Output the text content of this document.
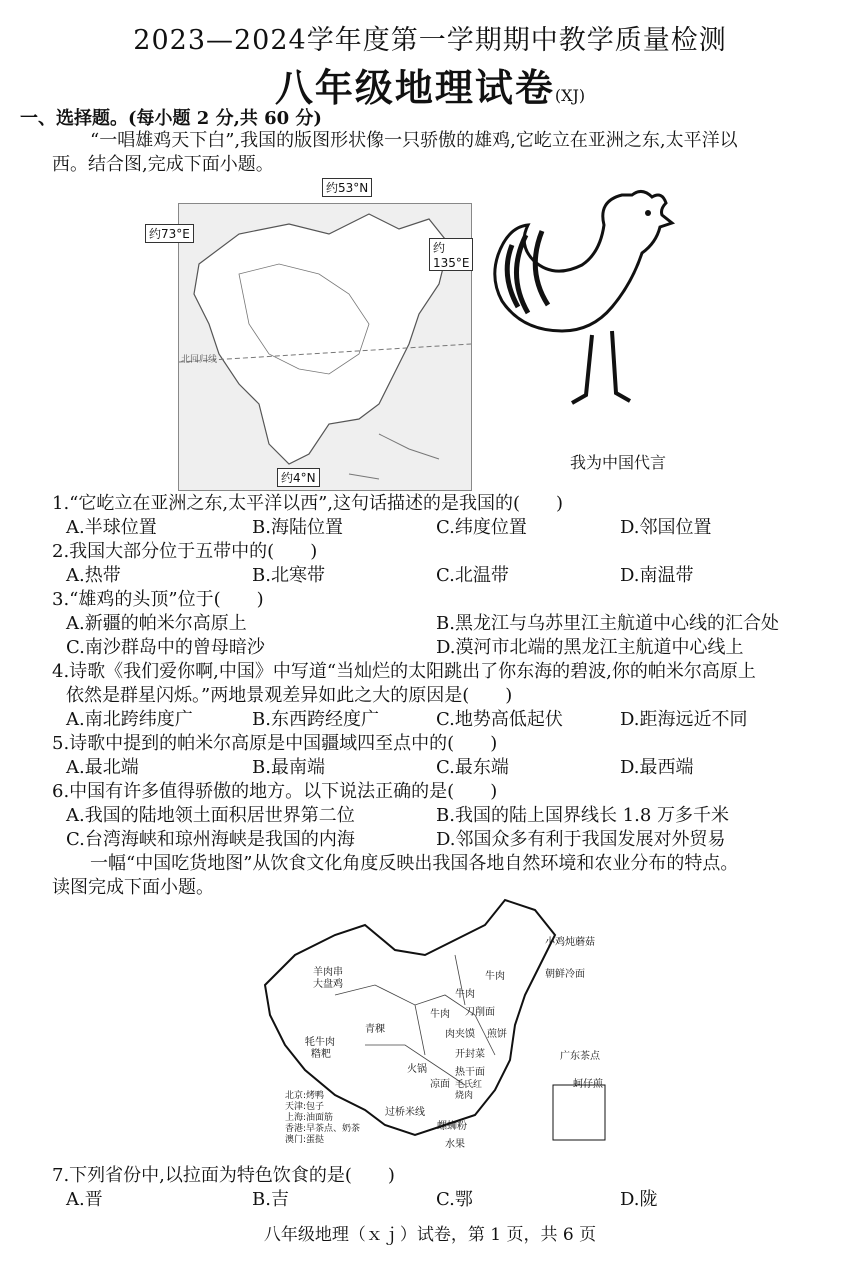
2023—2024学年度第一学期期中教学质量检测
八年级地理试卷(XJ)
一、选择题。(每小题 2 分,共 60 分)
“一唱雄鸡天下白”,我国的版图形状像一只骄傲的雄鸡,它屹立在亚洲之东,太平洋以
西。结合图,完成下面小题。
约53°N
约73°E
约135°E
约4°N
北回归线
我为中国代言
1.“它屹立在亚洲之东,太平洋以西”,这句话描述的是我国的(　　)
A.半球位置	B.海陆位置	C.纬度位置	D.邻国位置
2.我国大部分位于五带中的(　　)
A.热带	B.北寒带	C.北温带	D.南温带
3.“雄鸡的头顶”位于(　　)
A.新疆的帕米尔高原上	B.黑龙江与乌苏里江主航道中心线的汇合处
C.南沙群岛中的曾母暗沙	D.漠河市北端的黑龙江主航道中心线上
4.诗歌《我们爱你啊,中国》中写道“当灿烂的太阳跳出了你东海的碧波,你的帕米尔高原上
依然是群星闪烁。”两地景观差异如此之大的原因是(　　)
A.南北跨纬度广	B.东西跨经度广	C.地势高低起伏	D.距海远近不同
5.诗歌中提到的帕米尔高原是中国疆域四至点中的(　　)
A.最北端	B.最南端	C.最东端	D.最西端
6.中国有许多值得骄傲的地方。以下说法正确的是(　　)
A.我国的陆地领土面积居世界第二位	B.我国的陆上国界线长 1.8 万多千米
C.台湾海峡和琼州海峡是我国的内海	D.邻国众多有利于我国发展对外贸易
一幅“中国吃货地图”从饮食文化角度反映出我国各地自然环境和农业分布的特点。
读图完成下面小题。
小鸡炖蘑菇
朝鲜冷面
牛肉
牛肉
羊肉串
大盘鸡
青稞
牛肉 刀削面
煎饼
肉夹馍
开封菜
热干面
牦牛肉
糌粑
火锅
凉面 毛氏红烧肉
过桥米线
螺蛳粉
广东茶点
蚵仔煎
水果
北京:烤鸭
天津:包子
上海:油面筋
香港:早茶点、奶茶
澳门:蛋挞
7.下列省份中,以拉面为特色饮食的是(　　)
A.晋	B.吉	C.鄂	D.陇
八年级地理（ｘｊ）试卷，第 1 页，共 6 页
